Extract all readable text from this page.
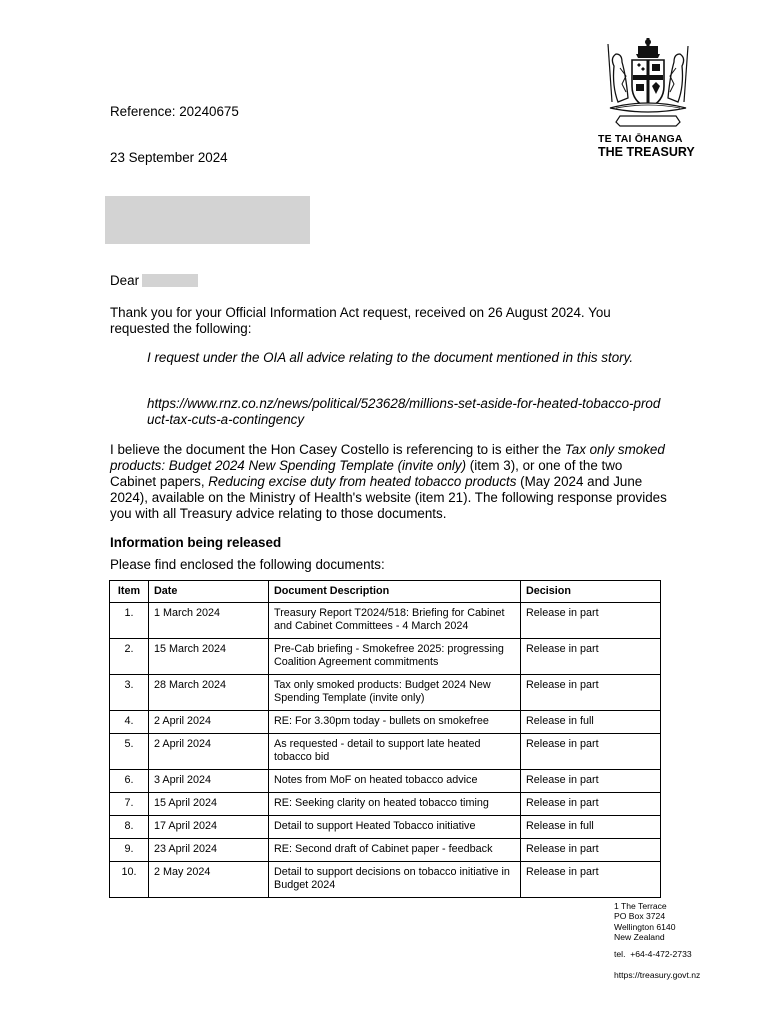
TE TAI ŌHANGA
THE TREASURY
Reference: 20240675
23 September 2024
Dear
Thank you for your Official Information Act request, received on 26 August 2024. You requested the following:
I request under the OIA all advice relating to the document mentioned in this story.
https://www.rnz.co.nz/news/political/523628/millions-set-aside-for-heated-tobacco-product-tax-cuts-a-contingency
I believe the document the Hon Casey Costello is referencing to is either the Tax only smoked products: Budget 2024 New Spending Template (invite only) (item 3), or one of the two Cabinet papers, Reducing excise duty from heated tobacco products (May 2024 and June 2024), available on the Ministry of Health's website (item 21). The following response provides you with all Treasury advice relating to those documents.
Information being released
Please find enclosed the following documents:
Item	Date	Document Description	Decision
1.	1 March 2024	Treasury Report T2024/518: Briefing for Cabinet and Cabinet Committees - 4 March 2024	Release in part
2.	15 March 2024	Pre-Cab briefing - Smokefree 2025: progressing Coalition Agreement commitments	Release in part
3.	28 March 2024	Tax only smoked products: Budget 2024 New Spending Template (invite only)	Release in part
4.	2 April 2024	RE: For 3.30pm today - bullets on smokefree	Release in full
5.	2 April 2024	As requested - detail to support late heated tobacco bid	Release in part
6.	3 April 2024	Notes from MoF on heated tobacco advice	Release in part
7.	15 April 2024	RE: Seeking clarity on heated tobacco timing	Release in part
8.	17 April 2024	Detail to support Heated Tobacco initiative	Release in full
9.	23 April 2024	RE: Second draft of Cabinet paper - feedback	Release in part
10.	2 May 2024	Detail to support decisions on tobacco initiative in Budget 2024	Release in part
1 The Terrace
PO Box 3724
Wellington 6140
New Zealand
tel.  +64-4-472-2733
https://treasury.govt.nz
